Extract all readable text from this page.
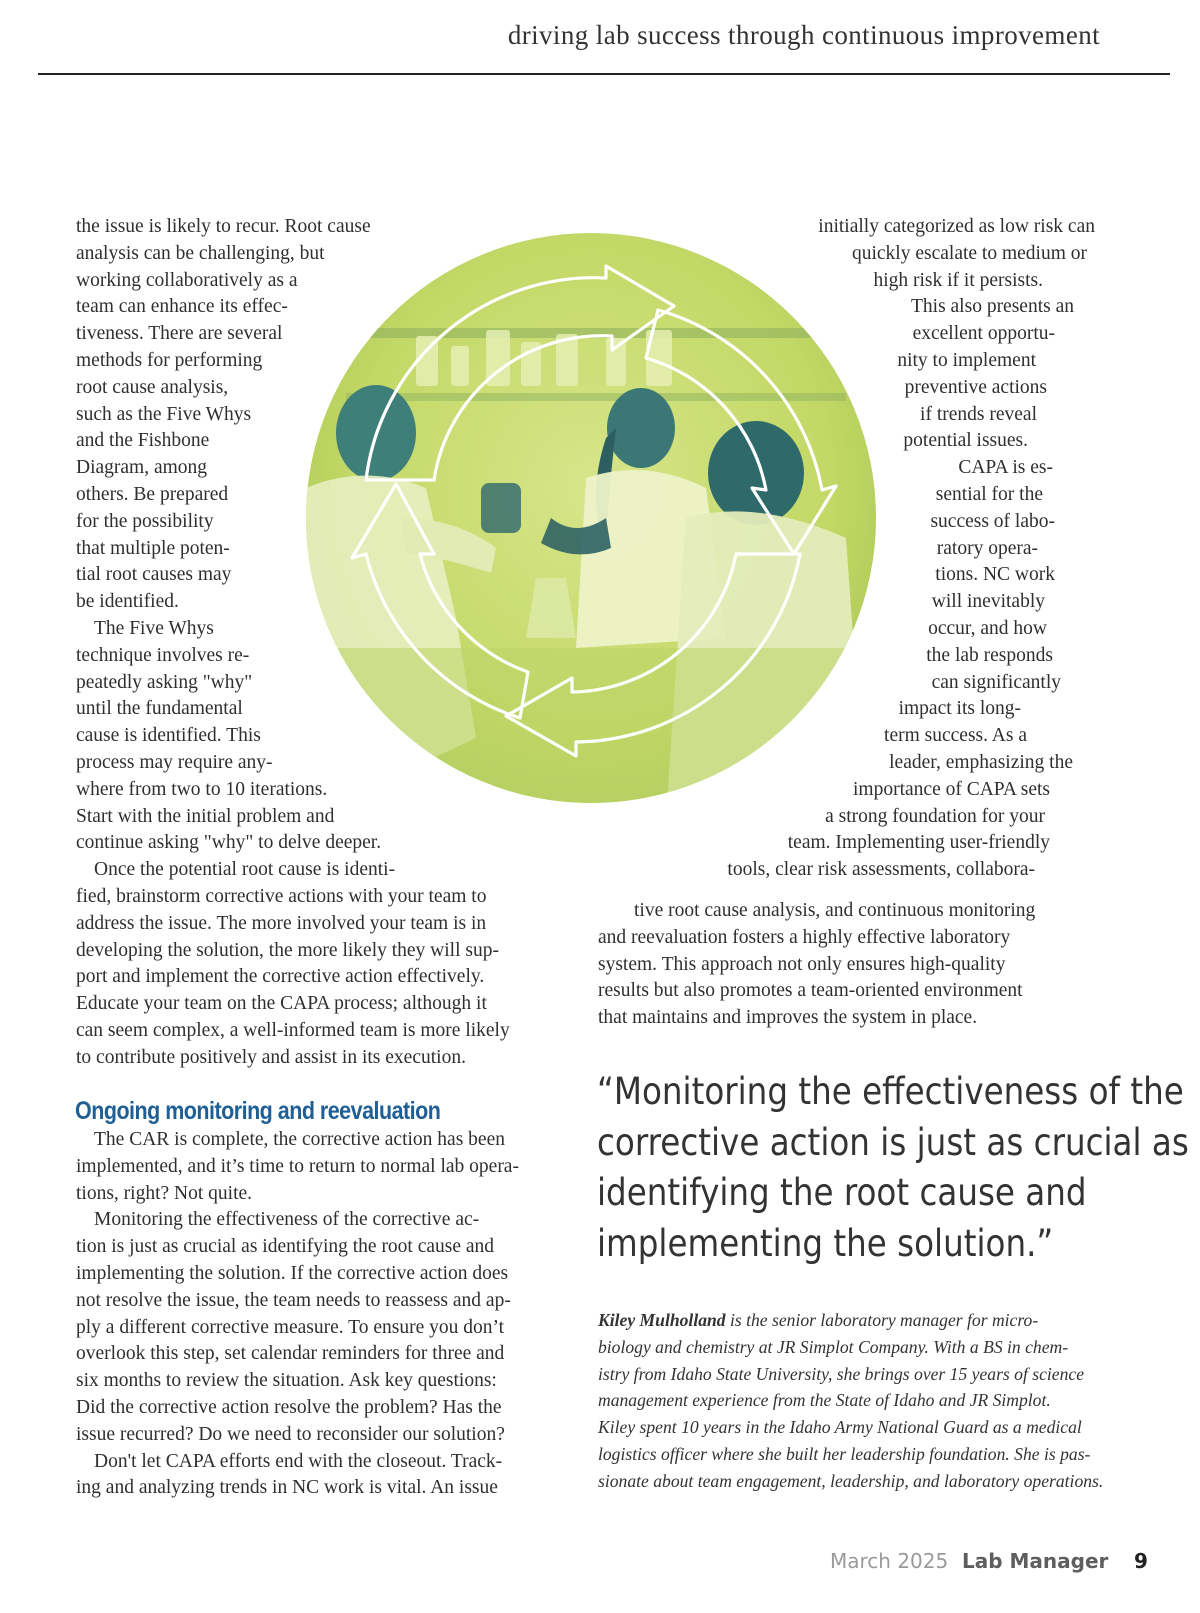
driving lab success through continuous improvement

the issue is likely to recur. Root cause
analysis can be challenging, but
working collaboratively as a
team can enhance its effec-
tiveness. There are several
methods for performing
root cause analysis,
such as the Five Whys
and the Fishbone
Diagram, among
others. Be prepared
for the possibility
that multiple poten-
tial root causes may
be identified.

The Five Whys
technique involves re-
peatedly asking "why"
until the fundamental
cause is identified. This
process may require any-
where from two to 10 iterations.
Start with the initial problem and
continue asking "why" to delve deeper.

Once the potential root cause is identi-
fied, brainstorm corrective actions with your team to
address the issue. The more involved your team is in
developing the solution, the more likely they will sup-
port and implement the corrective action effectively.
Educate your team on the CAPA process; although it
can seem complex, a well-informed team is more likely
to contribute positively and assist in its execution.

Ongoing monitoring and reevaluation

The CAR is complete, the corrective action has been
implemented, and it’s time to return to normal lab opera-
tions, right? Not quite.

Monitoring the effectiveness of the corrective ac-
tion is just as crucial as identifying the root cause and
implementing the solution. If the corrective action does
not resolve the issue, the team needs to reassess and ap-
ply a different corrective measure. To ensure you don’t
overlook this step, set calendar reminders for three and
six months to review the situation. Ask key questions:
Did the corrective action resolve the problem? Has the
issue recurred? Do we need to reconsider our solution?

Don't let CAPA efforts end with the closeout. Track-
ing and analyzing trends in NC work is vital. An issue

initially categorized as low risk can
quickly escalate to medium or
high risk if it persists.

This also presents an
excellent opportu-
nity to implement
preventive actions
if trends reveal
potential issues.

CAPA is es-
sential for the
success of labo-
ratory opera-
tions. NC work
will inevitably
occur, and how
the lab responds
can significantly
impact its long-
term success. As a
leader, emphasizing the
importance of CAPA sets
a strong foundation for your
team. Implementing user-friendly
tools, clear risk assessments, collabora-

tive root cause analysis, and continuous monitoring
and reevaluation fosters a highly effective laboratory
system. This approach not only ensures high-quality
results but also promotes a team-oriented environment
that maintains and improves the system in place.

“Monitoring the effectiveness of the
corrective action is just as crucial as
identifying the root cause and
implementing the solution.”
Kiley Mulholland is the senior laboratory manager for micro-
biology and chemistry at JR Simplot Company. With a BS in chem-
istry from Idaho State University, she brings over 15 years of science
management experience from the State of Idaho and JR Simplot.
Kiley spent 10 years in the Idaho Army National Guard as a medical
logistics officer where she built her leadership foundation. She is pas-
sionate about team engagement, leadership, and laboratory operations.
March 2025 Lab Manager 9
